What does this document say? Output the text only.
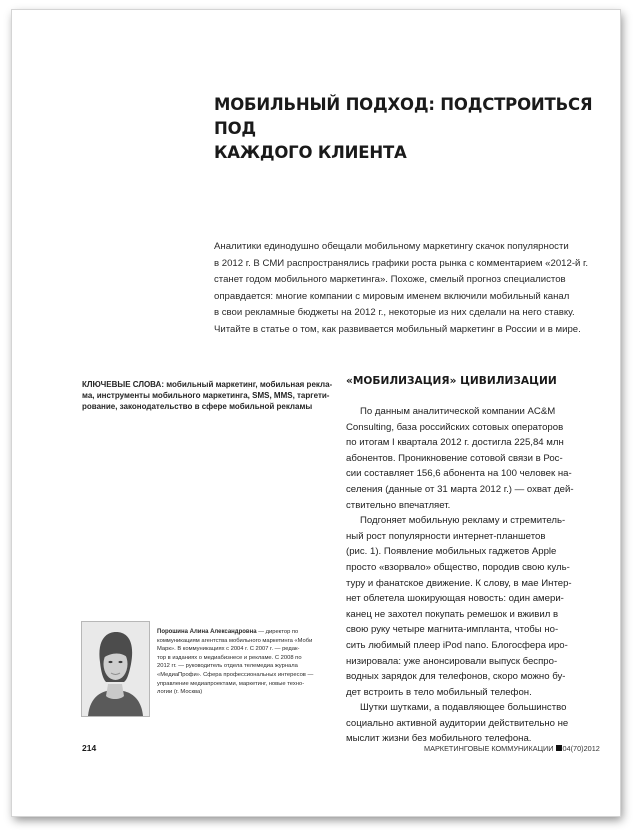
МОБИЛЬНЫЙ ПОДХОД: ПОДСТРОИТЬСЯ ПОД
КАЖДОГО КЛИЕНТА

Аналитики единодушно обещали мобильному маркетингу скачок популярности
в 2012 г. В СМИ распространялись графики роста рынка с комментарием «2012-й г.
станет годом мобильного маркетинга». Похоже, смелый прогноз специалистов
оправдается: многие компании с мировым именем включили мобильный канал
в свои рекламные бюджеты на 2012 г., некоторые из них сделали на него ставку.
Читайте в статье о том, как развивается мобильный маркетинг в России и в мире.

КЛЮЧЕВЫЕ СЛОВА: мобильный маркетинг, мобильная рекла-
ма, инструменты мобильного маркетинга, SMS, MMS, таргети-
рование, законодательство в сфере мобильной рекламы

«МОБИЛИЗАЦИЯ» ЦИВИЛИЗАЦИИ
По данным аналитической компании AC&M
Consulting, база российских сотовых операторов
по итогам I квартала 2012 г. достигла 225,84 млн
абонентов. Проникновение сотовой связи в Рос-
сии составляет 156,6 абонента на 100 человек на-
селения (данные от 31 марта 2012 г.) — охват дей-
ствительно впечатляет.
Подгоняет мобильную рекламу и стремитель-
ный рост популярности интернет-планшетов
(рис. 1). Появление мобильных гаджетов Apple
просто «взорвало» общество, породив свою куль-
туру и фанатское движение. К слову, в мае Интер-
нет облетела шокирующая новость: один амери-
канец не захотел покупать ремешок и вживил в
свою руку четыре магнита-импланта, чтобы но-
сить любимый плеер iPod nano. Блогосфера иро-
низировала: уже анонсировали выпуск беспро-
водных зарядок для телефонов, скоро можно бу-
дет встроить в тело мобильный телефон.
Шутки шутками, а подавляющее большинство
социально активной аудитории действительно не
мыслит жизни без мобильного телефона.

Порошина Алина Александровна — директор по
коммуникациям агентства мобильного маркетинга «Моби
Марк». В коммуникациях с 2004 г. С 2007 г. — редак-
тор в изданиях о медиабизнесе и рекламе. С 2008 по
2012 гг. — руководитель отдела телемедиа журнала
«МедиаПрофи». Сфера профессиональных интересов —
управление медиапроектами, маркетинг, новые техно-
логии (г. Москва)

214	МАРКЕТИНГОВЫЕ КОММУНИКАЦИИ 04(70)2012
